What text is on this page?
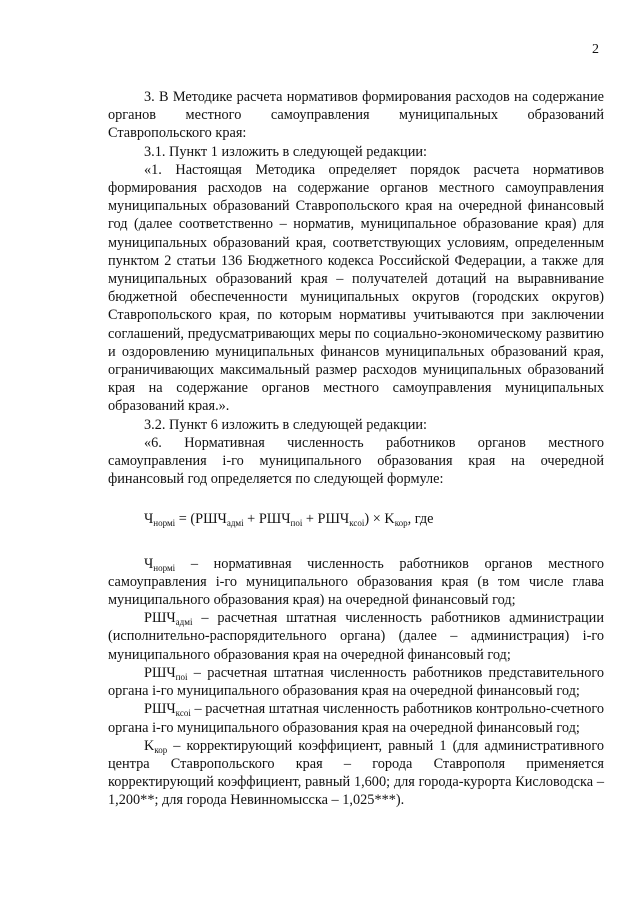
2

3. В Методике расчета нормативов формирования расходов на содержание органов местного самоуправления муниципальных образований Ставропольского края:

3.1. Пункт 1 изложить в следующей редакции:

«1. Настоящая Методика определяет порядок расчета нормативов формирования расходов на содержание органов местного самоуправления муниципальных образований Ставропольского края на очередной финансовый год (далее соответственно – норматив, муниципальное образование края) для муниципальных образований края, соответствующих условиям, определенным пунктом 2 статьи 136 Бюджетного кодекса Российской Федерации, а также для муниципальных образований края – получателей дотаций на выравнивание бюджетной обеспеченности муниципальных округов (городских округов) Ставропольского края, по которым нормативы учитываются при заключении соглашений, предусматривающих меры по социально-экономическому развитию и оздоровлению муниципальных финансов муниципальных образований края, ограничивающих максимальный размер расходов муниципальных образований края на содержание органов местного самоуправления муниципальных образований края.».

3.2. Пункт 6 изложить в следующей редакции:

«6. Нормативная численность работников органов местного самоуправления i-го муниципального образования края на очередной финансовый год определяется по следующей формуле:

$Ч_{нормi} = (РШЧ_{адмi} + РШЧ_{пoi} + РШЧ_{ксоi}) \times K_{кор}$, где

$Ч_{нормi}$ – нормативная численность работников органов местного самоуправления i-го муниципального образования края (в том числе глава муниципального образования края) на очередной финансовый год;

$РШЧ_{адмi}$ – расчетная штатная численность работников администрации (исполнительно-распорядительного органа) (далее – администрация) i-го муниципального образования края на очередной финансовый год;

$РШЧ_{пoi}$ – расчетная штатная численность работников представительного органа i-го муниципального образования края на очередной финансовый год;

$РШЧ_{ксоi}$ – расчетная штатная численность работников контрольно-счетного органа i-го муниципального образования края на очередной финансовый год;

$K_{кор}$ – корректирующий коэффициент, равный 1 (для административного центра Ставропольского края – города Ставрополя применяется корректирующий коэффициент, равный 1,600; для города-курорта Кисловодска – 1,200**; для города Невинномысска – 1,025***).
